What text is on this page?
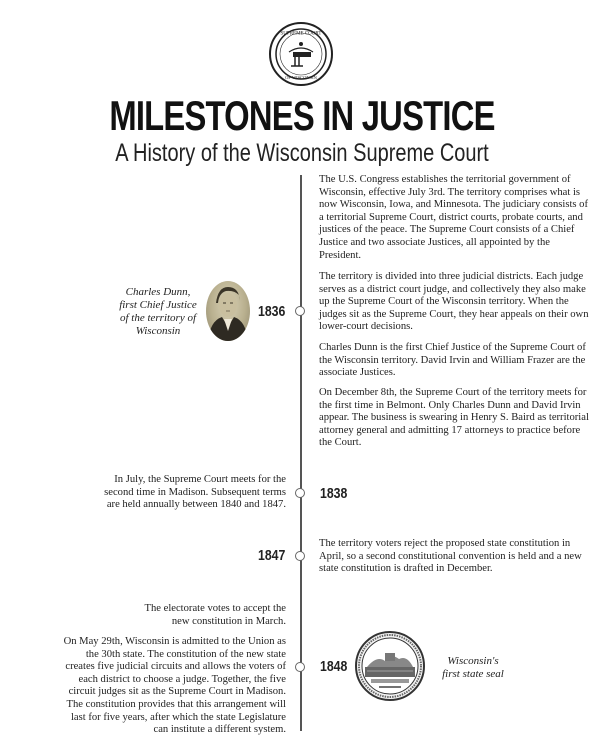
SUPREME COURT
OF WISCONSIN
MILESTONES IN JUSTICE
A History of the Wisconsin Supreme Court
Charles Dunn,
first Chief Justice
of the territory of
Wisconsin
1836

The U.S. Congress establishes the territorial government of Wisconsin, effective July 3rd. The territory comprises what is now Wisconsin, Iowa, and Minnesota. The judiciary consists of a territorial Supreme Court, district courts, probate courts, and justices of the peace. The Supreme Court consists of a Chief Justice and two associate Justices, all appointed by the President.

The territory is divided into three judicial districts. Each judge serves as a district court judge, and collectively they also make up the Supreme Court of the Wisconsin territory. When the judges sit as the Supreme Court, they hear appeals on their own lower-court decisions.

Charles Dunn is the first Chief Justice of the Supreme Court of the Wisconsin territory. David Irvin and William Frazer are the associate Justices.

On December 8th, the Supreme Court of the territory meets for the first time in Belmont. Only Charles Dunn and David Irvin appear. The business is swearing in Henry S. Baird as territorial attorney general and admitting 17 attorneys to practice before the Court.

In July, the Supreme Court meets for the second time in Madison. Subsequent terms are held annually between 1840 and 1847.

1838
1847

The territory voters reject the proposed state constitution in April, so a second constitutional convention is held and a new state constitution is drafted in December.

The electorate votes to accept the new constitution in March.

On May 29th, Wisconsin is admitted to the Union as the 30th state. The constitution of the new state creates five judicial circuits and allows the voters of each district to choose a judge. Together, the five circuit judges sit as the Supreme Court in Madison. The constitution provides that this arrangement will last for five years, after which the state Legislature can institute a different system.

1848	Wisconsin's
first state seal
